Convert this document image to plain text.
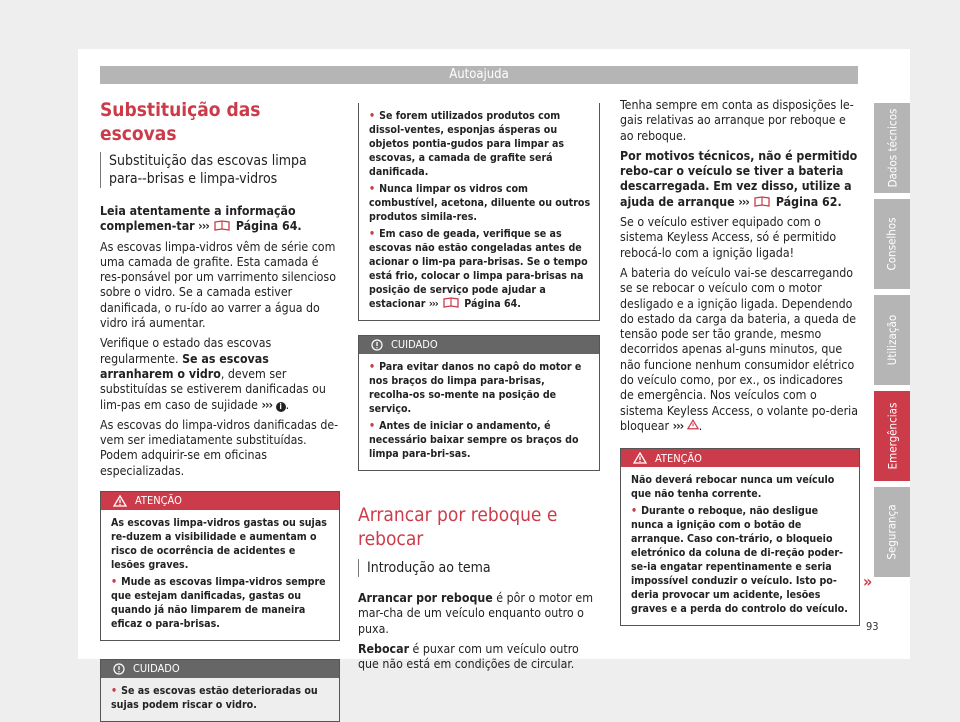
Autoajuda
Substituição das escovas
Substituição das escovas limpa para--brisas e limpa-vidros

Leia atentamente a informação complemen-tar ››› Página 64.

As escovas limpa-vidros vêm de série com uma camada de grafite. Esta camada é res-ponsável por um varrimento silencioso sobre o vidro. Se a camada estiver danificada, o ru-ído ao varrer a água do vidro irá aumentar.

Verifique o estado das escovas regularmente. Se as escovas arranharem o vidro, devem ser substituídas se estiverem danificadas ou lim-pas em caso de sujidade ››› i .

As escovas do limpa-vidros danificadas de-vem ser imediatamente substituídas. Podem adquirir-se em oficinas especializadas.

ATENÇÃO

As escovas limpa-vidros gastas ou sujas re-duzem a visibilidade e aumentam o risco de ocorrência de acidentes e lesões graves.

• Mude as escovas limpa-vidros sempre que estejam danificadas, gastas ou quando já não limparem de maneira eficaz o para-brisas.

CUIDADO

• Se as escovas estão deterioradas ou sujas podem riscar o vidro.

• Se forem utilizados produtos com dissol-ventes, esponjas ásperas ou objetos pontia-gudos para limpar as escovas, a camada de grafite será danificada.

• Nunca limpar os vidros com combustível, acetona, diluente ou outros produtos simila-res.

• Em caso de geada, verifique se as escovas não estão congeladas antes de acionar o lim-pa para-brisas. Se o tempo está frio, colocar o limpa para-brisas na posição de serviço pode ajudar a estacionar ›››	Página 64.

CUIDADO

• Para evitar danos no capô do motor e nos braços do limpa para-brisas, recolha-os so-mente na posição de serviço.

• Antes de iniciar o andamento, é necessário baixar sempre os braços do limpa para-bri-sas.

Arrancar por reboque e rebocar
Introdução ao tema

Arrancar por reboque é pôr o motor em mar-cha de um veículo enquanto outro o puxa.

Rebocar é puxar com um veículo outro que não está em condições de circular.

Tenha sempre em conta as disposições le-gais relativas ao arranque por reboque e ao reboque.

Por motivos técnicos, não é permitido rebo-car o veículo se tiver a bateria descarregada. Em vez disso, utilize a ajuda de arranque ››› Página 62.

Se o veículo estiver equipado com o sistema Keyless Access, só é permitido rebocá-lo com a ignição ligada!

A bateria do veículo vai-se descarregando se se rebocar o veículo com o motor desligado e a ignição ligada. Dependendo do estado da carga da bateria, a queda de tensão pode ser tão grande, mesmo decorridos apenas al-guns minutos, que não funcione nenhum consumidor elétrico do veículo como, por ex., os indicadores de emergência. Nos veículos com o sistema Keyless Access, o volante po-deria bloquear ››› .

ATENÇÃO

Não deverá rebocar nunca um veículo que não tenha corrente.

• Durante o reboque, não desligue nunca a ignição com o botão de arranque. Caso con-trário, o bloqueio eletrónico da coluna de di-reção poder-se-ia engatar repentinamente e seria impossível conduzir o veículo. Isto po-deria provocar um acidente, lesões graves e a perda do controlo do veículo.

»
Dados técnicos
Conselhos
Utilização
Emergências
Segurança
93
